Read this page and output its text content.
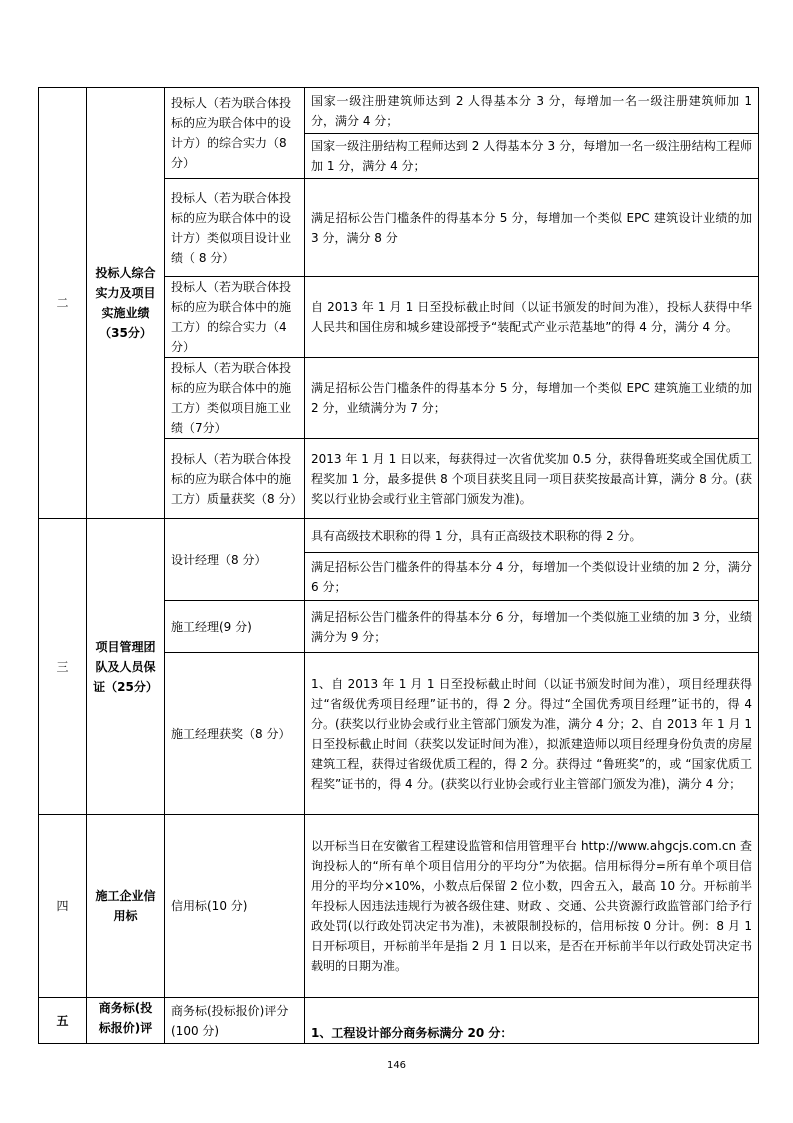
二	投标人综合实力及项目实施业绩（35分）	投标人（若为联合体投标的应为联合体中的设计方）的综合实力（8分）	国家一级注册建筑师达到 2 人得基本分 3 分，每增加一名一级注册建筑师加 1 分，满分 4 分；
			国家一级注册结构工程师达到 2 人得基本分 3 分，每增加一名一级注册结构工程师加 1 分，满分 4 分；
		投标人（若为联合体投标的应为联合体中的设计方）类似项目设计业绩（ 8 分）	满足招标公告门槛条件的得基本分 5 分，每增加一个类似 EPC 建筑设计业绩的加 3 分，满分 8 分
		投标人（若为联合体投标的应为联合体中的施工方）的综合实力（4分）	自 2013 年 1 月 1 日至投标截止时间（以证书颁发的时间为准），投标人获得中华人民共和国住房和城乡建设部授予“装配式产业示范基地”的得 4 分，满分 4 分。
		投标人（若为联合体投标的应为联合体中的施工方）类似项目施工业绩（7分）	满足招标公告门槛条件的得基本分 5 分，每增加一个类似 EPC 建筑施工业绩的加 2 分，业绩满分为 7 分；
		投标人（若为联合体投标的应为联合体中的施工方）质量获奖（8 分）	2013 年 1 月 1 日以来，每获得过一次省优奖加 0.5 分，获得鲁班奖或全国优质工程奖加 1 分，最多提供 8 个项目获奖且同一项目获奖按最高计算，满分 8 分。(获奖以行业协会或行业主管部门颁发为准)。

三	项目管理团队及人员保证（25分）	设计经理（8 分）	具有高级技术职称的得 1 分，具有正高级技术职称的得 2 分。
			满足招标公告门槛条件的得基本分 4 分，每增加一个类似设计业绩的加 2 分，满分 6 分；
		施工经理(9 分)	满足招标公告门槛条件的得基本分 6 分，每增加一个类似施工业绩的加 3 分，业绩满分为 9 分；
		施工经理获奖（8 分）	1、自 2013 年 1 月 1 日至投标截止时间（以证书颁发时间为准），项目经理获得过“省级优秀项目经理”证书的，得 2 分。得过“全国优秀项目经理”证书的，得 4 分。(获奖以行业协会或行业主管部门颁发为准，满分 4 分；2、自 2013 年 1 月 1 日至投标截止时间（获奖以发证时间为准），拟派建造师以项目经理身份负责的房屋建筑工程，获得过省级优质工程的，得 2 分。获得过 “鲁班奖”的，或 “国家优质工程奖”证书的，得 4 分。(获奖以行业协会或行业主管部门颁发为准)，满分 4 分；
四	施工企业信用标	信用标(10 分)	以开标当日在安徽省工程建设监管和信用管理平台 http://www.ahgcjs.com.cn 查询投标人的“所有单个项目信用分的平均分”为依据。信用标得分=所有单个项目信用分的平均分×10%，小数点后保留 2 位小数，四舍五入，最高 10 分。开标前半年投标人因违法违规行为被各级住建、财政 、交通、公共资源行政监管部门给予行政处罚(以行政处罚决定书为准)，未被限制投标的，信用标按 0 分计。例：8 月 1 日开标项目，开标前半年是指 2 月 1 日以来，是否在开标前半年以行政处罚决定书载明的日期为准。
五	商务标(投标报价)评	商务标(投标报价)评分(100 分)	1、工程设计部分商务标满分 20 分：
146
